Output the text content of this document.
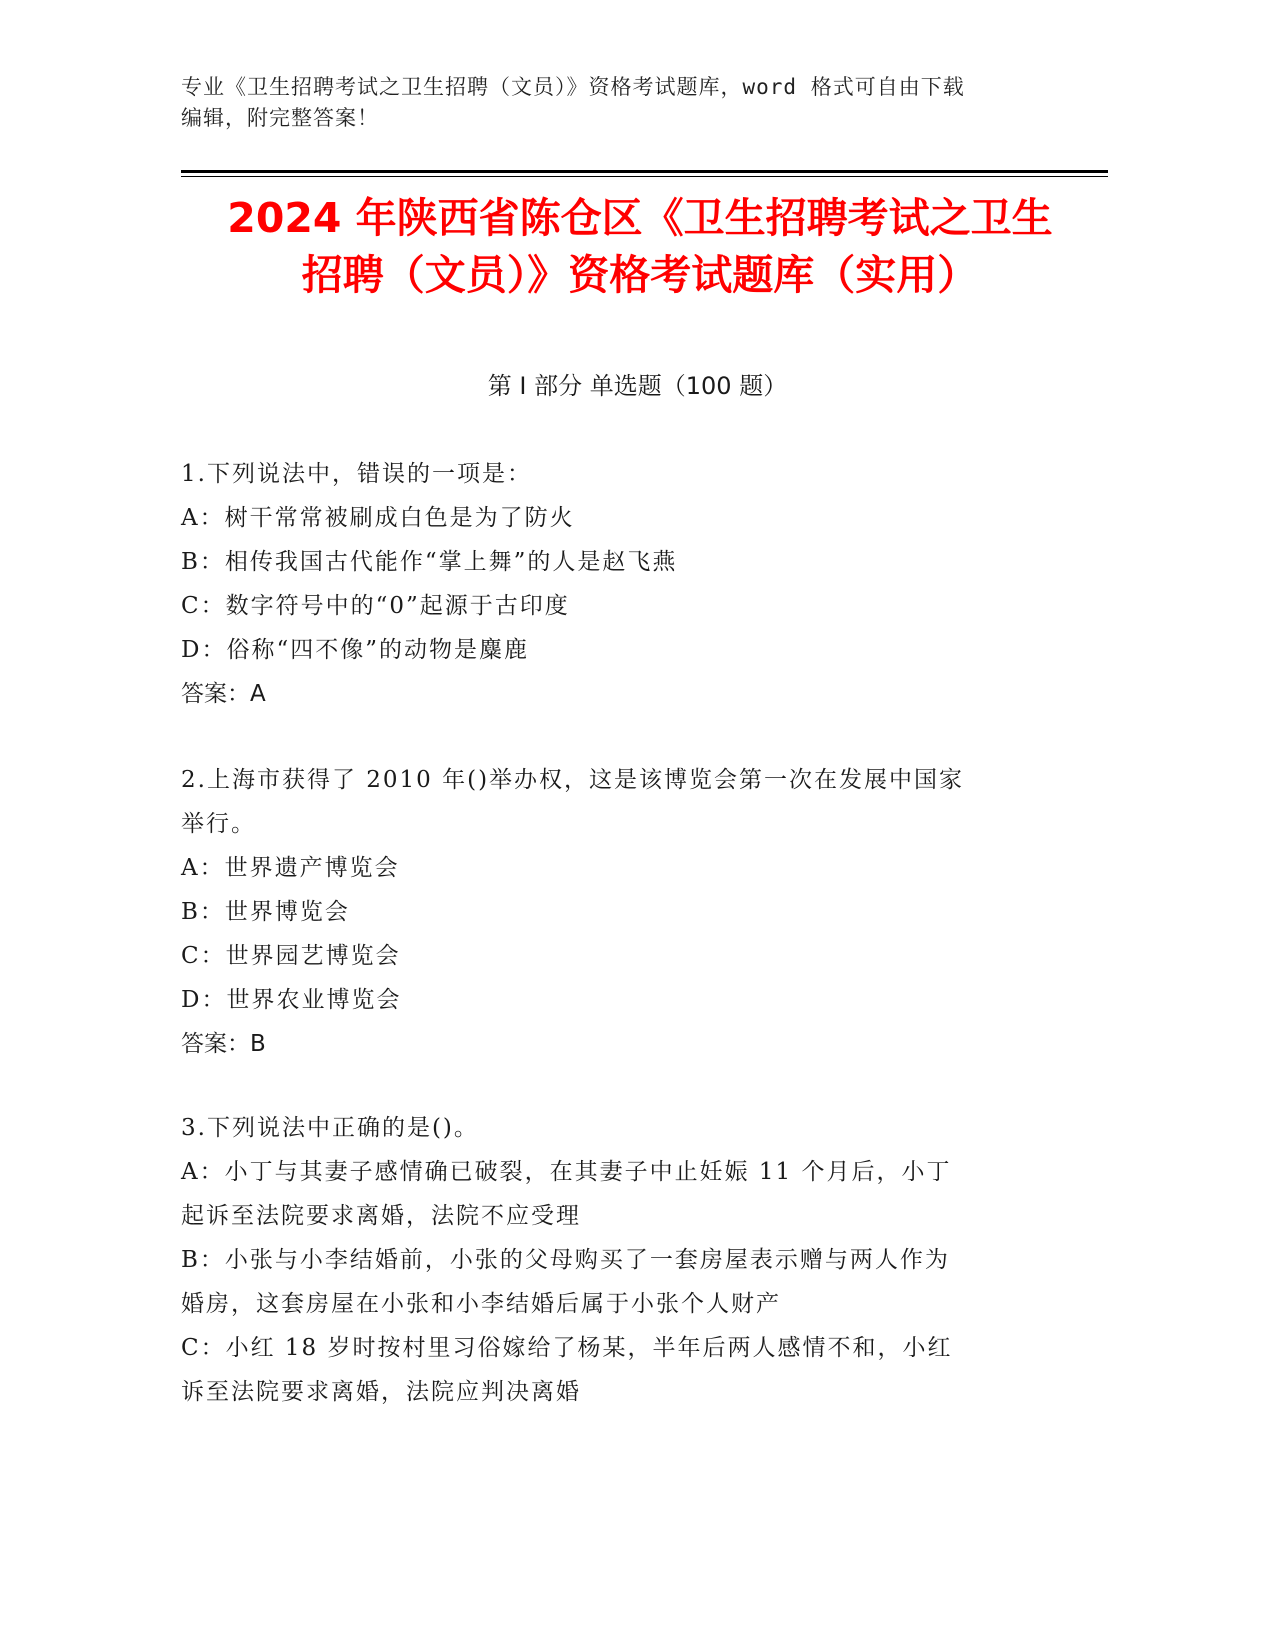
专业《卫生招聘考试之卫生招聘（文员）》资格考试题库，word 格式可自由下载
编辑，附完整答案！
2024 年陕西省陈仓区《卫生招聘考试之卫生
招聘（文员）》资格考试题库（实用）
第 I 部分 单选题（100 题）

1.下列说法中，错误的一项是：

A：树干常常被刷成白色是为了防火

B：相传我国古代能作“掌上舞”的人是赵飞燕

C：数字符号中的“0”起源于古印度

D：俗称“四不像”的动物是麋鹿

答案：A

2.上海市获得了 2010 年()举办权，这是该博览会第一次在发展中国家

举行。

A：世界遗产博览会

B：世界博览会

C：世界园艺博览会

D：世界农业博览会

答案：B

3.下列说法中正确的是()。

A：小丁与其妻子感情确已破裂，在其妻子中止妊娠 11 个月后，小丁

起诉至法院要求离婚，法院不应受理

B：小张与小李结婚前，小张的父母购买了一套房屋表示赠与两人作为

婚房，这套房屋在小张和小李结婚后属于小张个人财产

C：小红 18 岁时按村里习俗嫁给了杨某，半年后两人感情不和，小红

诉至法院要求离婚，法院应判决离婚
